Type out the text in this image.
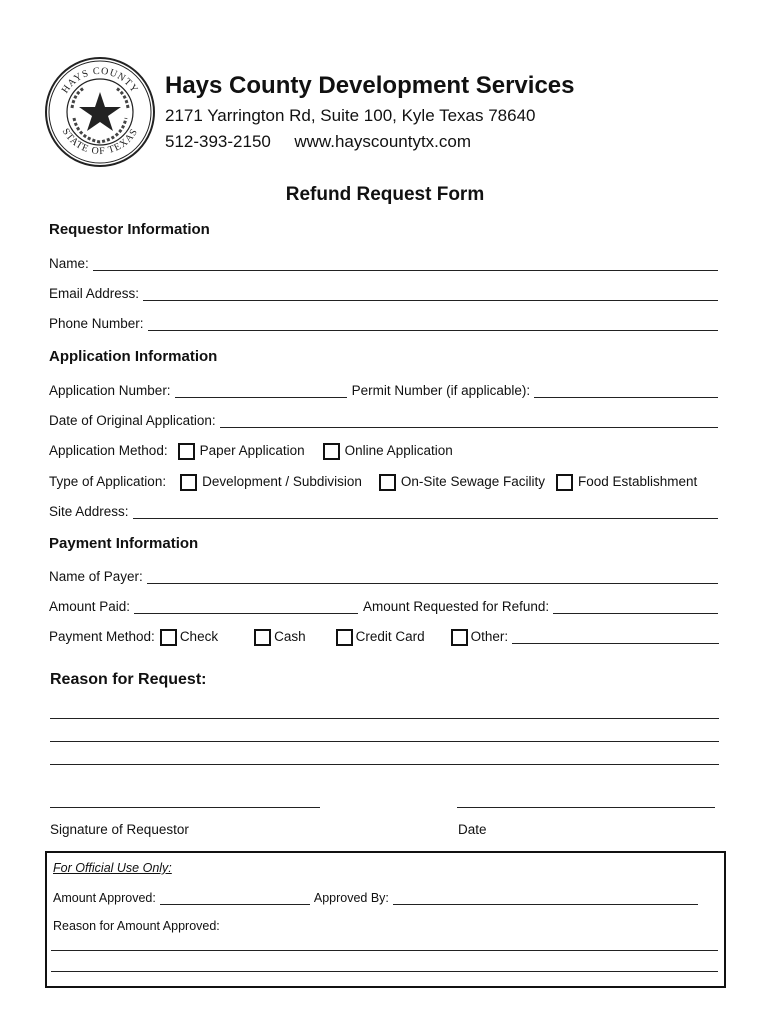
HAYS COUNTY
STATE OF TEXAS
Hays County Development Services
2171 Yarrington Rd, Suite 100, Kyle Texas 78640
512-393-2150 www.hayscountytx.com
Refund Request Form
Requestor Information
Name:
Email Address:
Phone Number:
Application Information
Application Number:	Permit Number (if applicable):
Date of Original Application:
Application Method: Paper Application	Online Application
Type of Application:	Development / Subdivision	On-Site Sewage Facility Food Establishment
Site Address:
Payment Information
Name of Payer:
Amount Paid:	Amount Requested for Refund:
Payment Method: Check	Cash	Credit Card	Other:
Reason for Request:
Signature of Requestor	Date
For Official Use Only:
Amount Approved:	Approved By:
Reason for Amount Approved:
